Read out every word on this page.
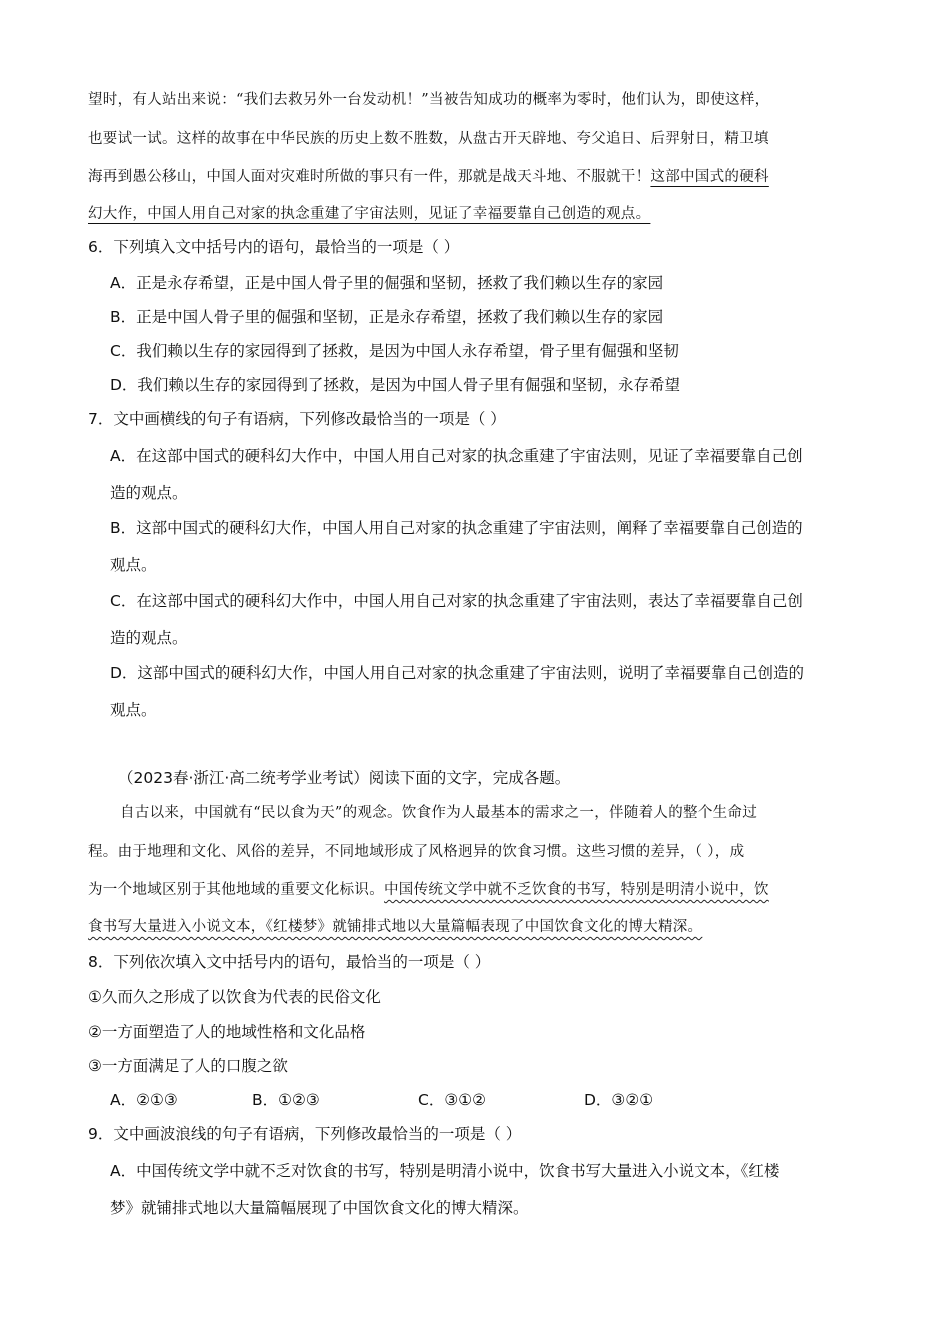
望时，有人站出来说：“我们去救另外一台发动机！”当被告知成功的概率为零时，他们认为，即使这样，
也要试一试。这样的故事在中华民族的历史上数不胜数，从盘古开天辟地、夸父追日、后羿射日，精卫填
海再到愚公移山，中国人面对灾难时所做的事只有一件，那就是战天斗地、不服就干！这部中国式的硬科
幻大作，中国人用自己对家的执念重建了宇宙法则，见证了幸福要靠自己创造的观点。
6．下列填入文中括号内的语句，最恰当的一项是（ ）
A．正是永存希望，正是中国人骨子里的倔强和坚韧，拯救了我们赖以生存的家园
B．正是中国人骨子里的倔强和坚韧，正是永存希望，拯救了我们赖以生存的家园
C．我们赖以生存的家园得到了拯救，是因为中国人永存希望，骨子里有倔强和坚韧
D．我们赖以生存的家园得到了拯救，是因为中国人骨子里有倔强和坚韧，永存希望
7．文中画横线的句子有语病，下列修改最恰当的一项是（ ）
A．在这部中国式的硬科幻大作中，中国人用自己对家的执念重建了宇宙法则，见证了幸福要靠自己创
造的观点。
B．这部中国式的硬科幻大作，中国人用自己对家的执念重建了宇宙法则，阐释了幸福要靠自己创造的
观点。
C．在这部中国式的硬科幻大作中，中国人用自己对家的执念重建了宇宙法则，表达了幸福要靠自己创
造的观点。
D．这部中国式的硬科幻大作，中国人用自己对家的执念重建了宇宙法则，说明了幸福要靠自己创造的
观点。
（2023春·浙江·高二统考学业考试）阅读下面的文字，完成各题。
自古以来，中国就有“民以食为天”的观念。饮食作为人最基本的需求之一，伴随着人的整个生命过
程。由于地理和文化、风俗的差异，不同地域形成了风格迥异的饮食习惯。这些习惯的差异，（ ），成
为一个地域区别于其他地域的重要文化标识。中国传统文学中就不乏饮食的书写，特别是明清小说中，饮
食书写大量进入小说文本，《红楼梦》就铺排式地以大量篇幅表现了中国饮食文化的博大精深。
8．下列依次填入文中括号内的语句，最恰当的一项是（ ）
①久而久之形成了以饮食为代表的民俗文化
②一方面塑造了人的地域性格和文化品格
③一方面满足了人的口腹之欲
A．②①③	B．①②③	C．③①②	D．③②①
9．文中画波浪线的句子有语病，下列修改最恰当的一项是（ ）
A．中国传统文学中就不乏对饮食的书写，特别是明清小说中，饮食书写大量进入小说文本，《红楼
梦》就铺排式地以大量篇幅展现了中国饮食文化的博大精深。
